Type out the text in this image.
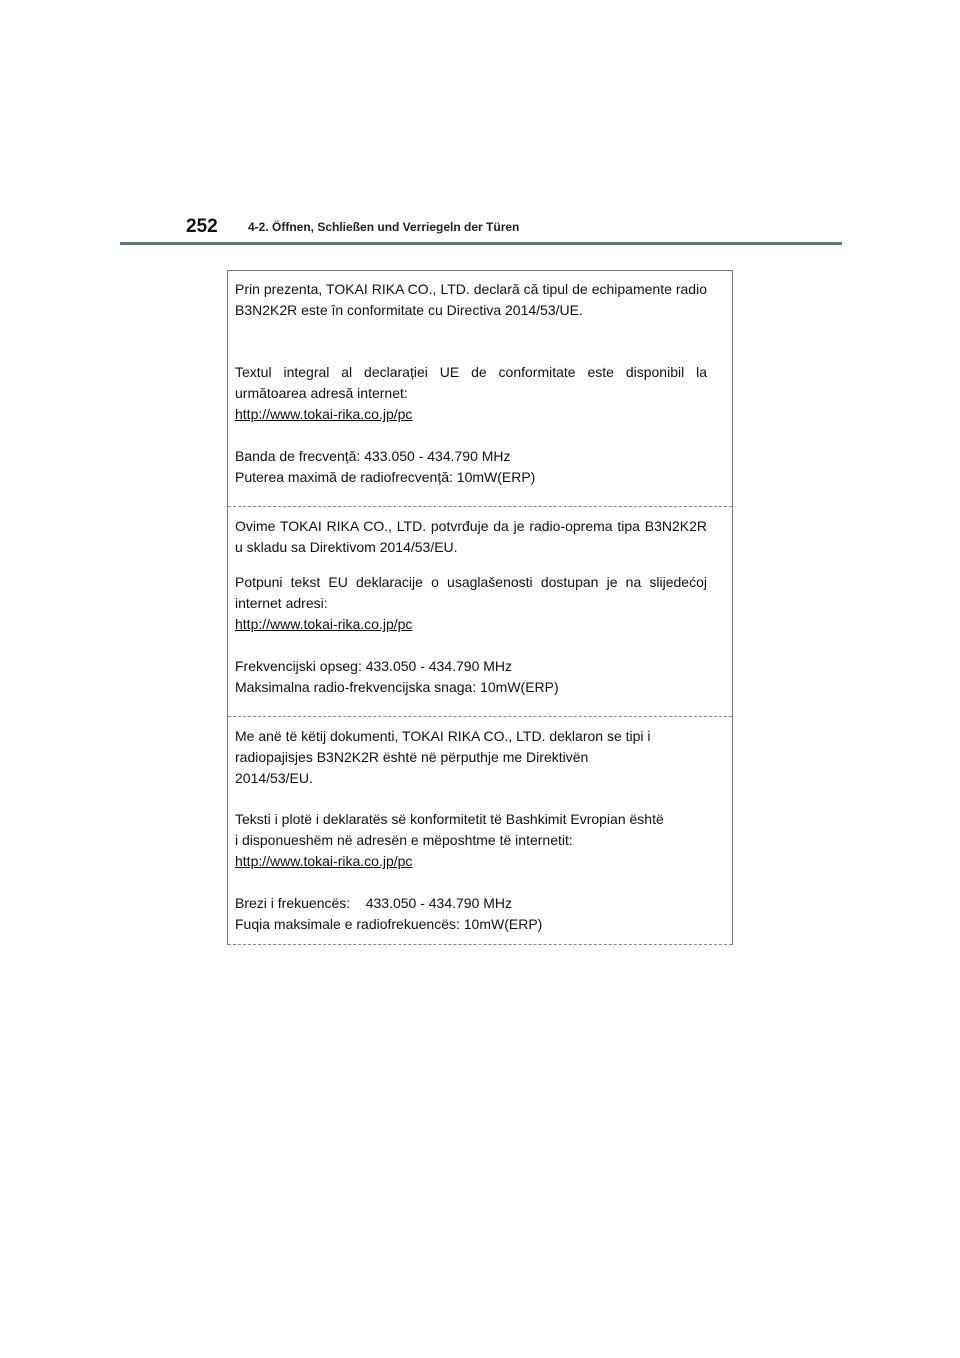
252	4-2. Öffnen, Schließen und Verriegeln der Türen
Prin prezenta, TOKAI RIKA CO., LTD. declară că tipul de echipamente radio B3N2K2R este în conformitate cu Directiva 2014/53/UE.
Textul integral al declarației UE de conformitate este disponibil la următoarea adresă internet:
http://www.tokai-rika.co.jp/pc
Banda de frecvență: 433.050 - 434.790 MHz
Puterea maximă de radiofrecvență: 10mW(ERP)
Ovime TOKAI RIKA CO., LTD. potvrđuje da je radio-oprema tipa B3N2K2R u skladu sa Direktivom 2014/53/EU.
Potpuni tekst EU deklaracije o usaglašenosti dostupan je na slijedećoj internet adresi:
http://www.tokai-rika.co.jp/pc
Frekvencijski opseg: 433.050 - 434.790 MHz
Maksimalna radio-frekvencijska snaga: 10mW(ERP)
Me anë të këtij dokumenti, TOKAI RIKA CO., LTD. deklaron se tipi i
radiopajisjes B3N2K2R është në përputhje me Direktivën
2014/53/EU.
Teksti i plotë i deklaratës së konformitetit të Bashkimit Evropian është
i disponueshëm në adresën e mëposhtme të internetit:
http://www.tokai-rika.co.jp/pc
Brezi i frekuencës:    433.050 - 434.790 MHz
Fuqia maksimale e radiofrekuencës: 10mW(ERP)
